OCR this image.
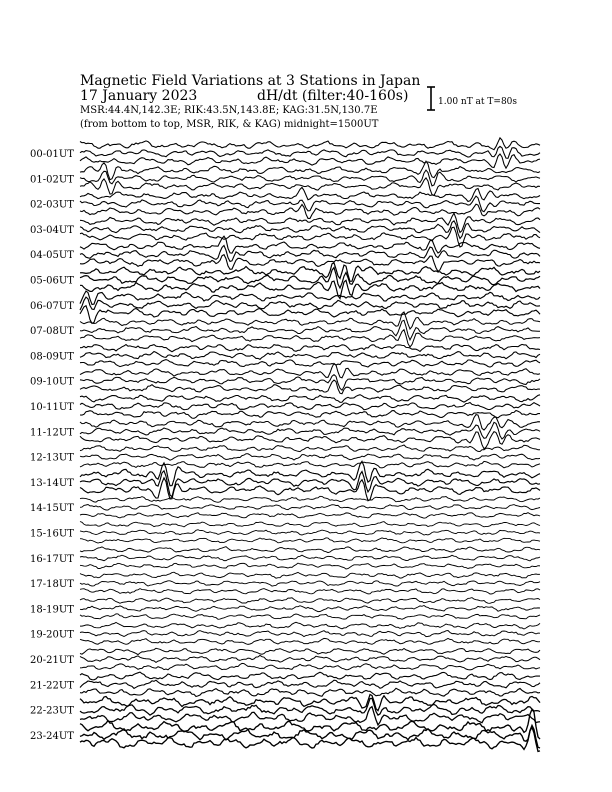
Magnetic Field Variations at 3 Stations in Japan
17 January 2023	dH/dt (filter:40-160s)
MSR:44.4N,142.3E; RIK:43.5N,143.8E; KAG:31.5N,130.7E
(from bottom to top, MSR, RIK, & KAG) midnight=1500UT
1.00 nT at T=80s
00-01UT
01-02UT
02-03UT
03-04UT
04-05UT
05-06UT
06-07UT
07-08UT
08-09UT
09-10UT
10-11UT
11-12UT
12-13UT
13-14UT
14-15UT
15-16UT
16-17UT
17-18UT
18-19UT
19-20UT
20-21UT
21-22UT
22-23UT
23-24UT
